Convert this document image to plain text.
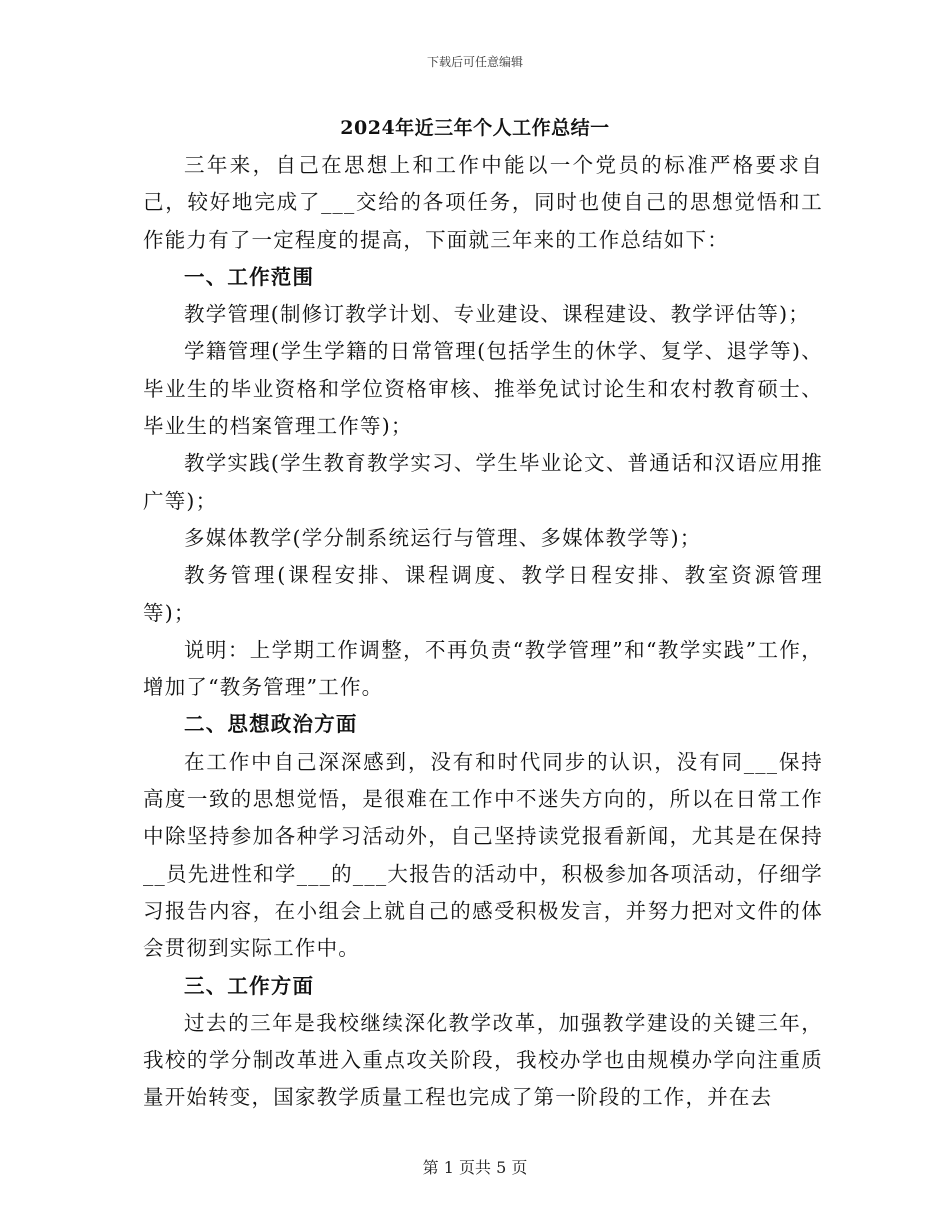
下载后可任意编辑
2024年近三年个人工作总结一

三年来，自己在思想上和工作中能以一个党员的标准严格要求自己，较好地完成了___交给的各项任务，同时也使自己的思想觉悟和工作能力有了一定程度的提高，下面就三年来的工作总结如下：

一、工作范围

教学管理(制修订教学计划、专业建设、课程建设、教学评估等)；

学籍管理(学生学籍的日常管理(包括学生的休学、复学、退学等)、毕业生的毕业资格和学位资格审核、推举免试讨论生和农村教育硕士、毕业生的档案管理工作等)；

教学实践(学生教育教学实习、学生毕业论文、普通话和汉语应用推广等)；

多媒体教学(学分制系统运行与管理、多媒体教学等)；

教务管理(课程安排、课程调度、教学日程安排、教室资源管理等)；

说明：上学期工作调整，不再负责“教学管理”和“教学实践”工作，增加了“教务管理”工作。

二、思想政治方面

在工作中自己深深感到，没有和时代同步的认识，没有同___保持高度一致的思想觉悟，是很难在工作中不迷失方向的，所以在日常工作中除坚持参加各种学习活动外，自己坚持读党报看新闻，尤其是在保持__员先进性和学___的___大报告的活动中，积极参加各项活动，仔细学习报告内容，在小组会上就自己的感受积极发言，并努力把对文件的体会贯彻到实际工作中。

三、工作方面

过去的三年是我校继续深化教学改革，加强教学建设的关键三年，我校的学分制改革进入重点攻关阶段，我校办学也由规模办学向注重质量开始转变，国家教学质量工程也完成了第一阶段的工作，并在去

第 1 页共 5 页
